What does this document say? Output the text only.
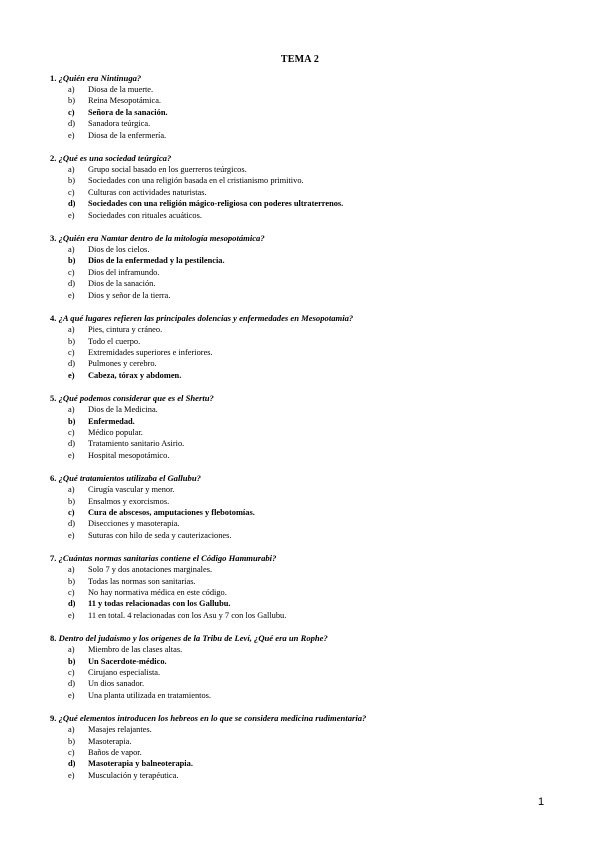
TEMA 2
1. ¿Quién era Nintinuga?
a) Diosa de la muerte.
b) Reina Mesopotámica.
c) Señora de la sanación.
d) Sanadora teúrgica.
e) Diosa de la enfermería.
2. ¿Qué es una sociedad teúrgica?
a) Grupo social basado en los guerreros teúrgicos.
b) Sociedades con una religión basada en el cristianismo primitivo.
c) Culturas con actividades naturistas.
d) Sociedades con una religión mágico-religiosa con poderes ultraterrenos.
e) Sociedades con rituales acuáticos.
3. ¿Quién era Namtar dentro de la mitología mesopotámica?
a) Dios de los cielos.
b) Dios de la enfermedad y la pestilencia.
c) Dios del inframundo.
d) Dios de la sanación.
e) Dios y señor de la tierra.
4. ¿A qué lugares refieren las principales dolencias y enfermedades en Mesopotamia?
a) Pies, cintura y cráneo.
b) Todo el cuerpo.
c) Extremidades superiores e inferiores.
d) Pulmones y cerebro.
e) Cabeza, tórax y abdomen.
5. ¿Qué podemos considerar que es el Shertu?
a) Dios de la Medicina.
b) Enfermedad.
c) Médico popular.
d) Tratamiento sanitario Asirio.
e) Hospital mesopotámico.
6. ¿Qué tratamientos utilizaba el Gallubu?
a) Cirugía vascular y menor.
b) Ensalmos y exorcismos.
c) Cura de abscesos, amputaciones y flebotomías.
d) Disecciones y masoterapia.
e) Suturas con hilo de seda y cauterizaciones.
7. ¿Cuántas normas sanitarias contiene el Código Hammurabi?
a) Solo 7 y dos anotaciones marginales.
b) Todas las normas son sanitarias.
c) No hay normativa médica en este código.
d) 11 y todas relacionadas con los Gallubu.
e) 11 en total. 4 relacionadas con los Asu y 7 con los Gallubu.
8. Dentro del judaísmo y los orígenes de la Tribu de Leví, ¿Qué era un Rophe?
a) Miembro de las clases altas.
b) Un Sacerdote-médico.
c) Cirujano especialista.
d) Un dios sanador.
e) Una planta utilizada en tratamientos.
9. ¿Qué elementos introducen los hebreos en lo que se considera medicina rudimentaria?
a) Masajes relajantes.
b) Masoterapia.
c) Baños de vapor.
d) Masoterapia y balneoterapia.
e) Musculación y terapéutica.
1
